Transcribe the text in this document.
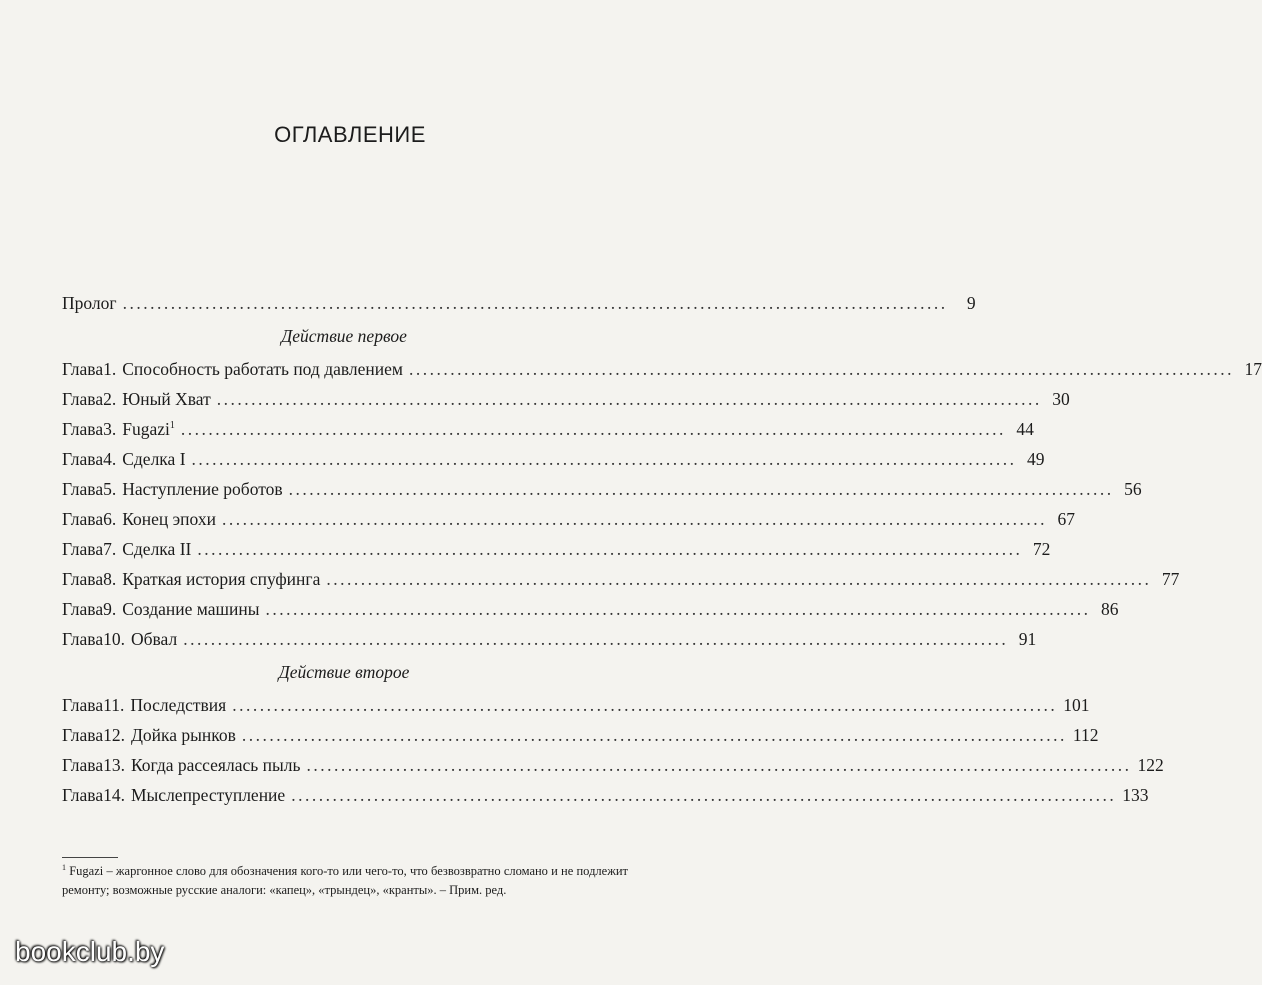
ОГЛАВЛЕНИЕ
Пролог ........................................................................................................................	9
Действие первое
Глава 1. Способность работать под давлением ........................................................................................................................ 17
Глава 2. Юный Хват ........................................................................................................................ 30
Глава 3. Fugazi$^1$ ........................................................................................................................ 44
Глава 4. Сделка I ........................................................................................................................ 49
Глава 5. Наступление роботов ........................................................................................................................ 56
Глава 6. Конец эпохи ........................................................................................................................ 67
Глава 7. Сделка II ........................................................................................................................ 72
Глава 8. Краткая история спуфинга ........................................................................................................................ 77
Глава 9. Создание машины ........................................................................................................................ 86
Глава 10. Обвал ........................................................................................................................ 91
Действие второе
Глава 11. Последствия ........................................................................................................................ 101
Глава 12. Дойка рынков ........................................................................................................................ 112
Глава 13. Когда рассеялась пыль ........................................................................................................................ 122
Глава 14. Мыслепреступление ........................................................................................................................ 133
$^1$ Fugazi – жаргонное слово для обозначения кого-то или чего-то, что безвозвратно сломано и не подлежит ремонту; возможные русские аналоги: «капец», «трындец», «кранты». – Прим. ред.
bookclub.by
